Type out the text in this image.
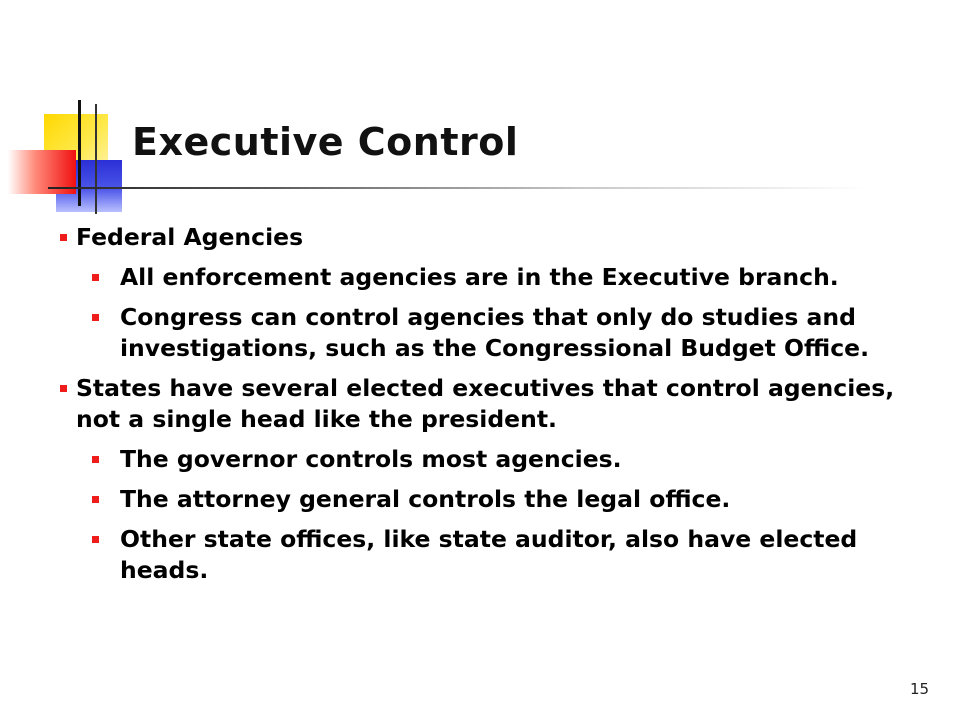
Executive Control
Federal Agencies
All enforcement agencies are in the Executive branch.
Congress can control agencies that only do studies and investigations, such as the Congressional Budget Office.
States have several elected executives that control agencies, not a single head like the president.
The governor controls most agencies.
The attorney general controls the legal office.
Other state offices, like state auditor, also have elected heads.
15
